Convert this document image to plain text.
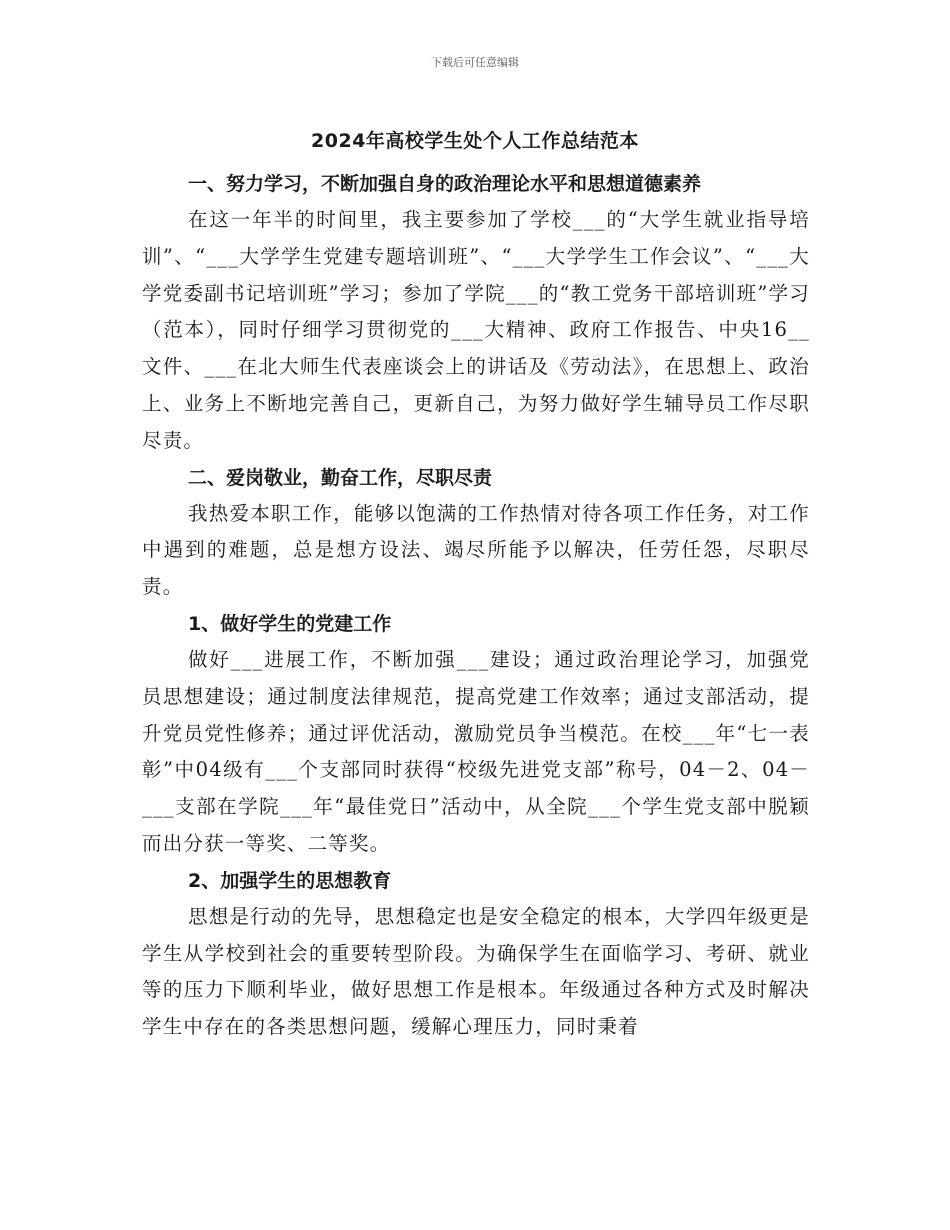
下载后可任意编辑
2024年高校学生处个人工作总结范本
一、努力学习，不断加强自身的政治理论水平和思想道德素养

在这一年半的时间里，我主要参加了学校___的“大学生就业指导培训”、“___大学学生党建专题培训班”、“___大学学生工作会议”、“___大学党委副书记培训班”学习；参加了学院___的“教工党务干部培训班”学习（范本），同时仔细学习贯彻党的___大精神、政府工作报告、中央16__文件、___在北大师生代表座谈会上的讲话及《劳动法》，在思想上、政治上、业务上不断地完善自己，更新自己，为努力做好学生辅导员工作尽职尽责。

二、爱岗敬业，勤奋工作，尽职尽责

我热爱本职工作，能够以饱满的工作热情对待各项工作任务，对工作中遇到的难题，总是想方设法、竭尽所能予以解决，任劳任怨，尽职尽责。

1、做好学生的党建工作

做好___进展工作，不断加强___建设；通过政治理论学习，加强党员思想建设；通过制度法律规范，提高党建工作效率；通过支部活动，提升党员党性修养；通过评优活动，激励党员争当模范。在校___年“七一表彰”中04级有___个支部同时获得“校级先进党支部”称号，04－2、04－___支部在学院___年“最佳党日”活动中，从全院___个学生党支部中脱颖而出分获一等奖、二等奖。

2、加强学生的思想教育

思想是行动的先导，思想稳定也是安全稳定的根本，大学四年级更是学生从学校到社会的重要转型阶段。为确保学生在面临学习、考研、就业等的压力下顺利毕业，做好思想工作是根本。年级通过各种方式及时解决学生中存在的各类思想问题，缓解心理压力，同时秉着
